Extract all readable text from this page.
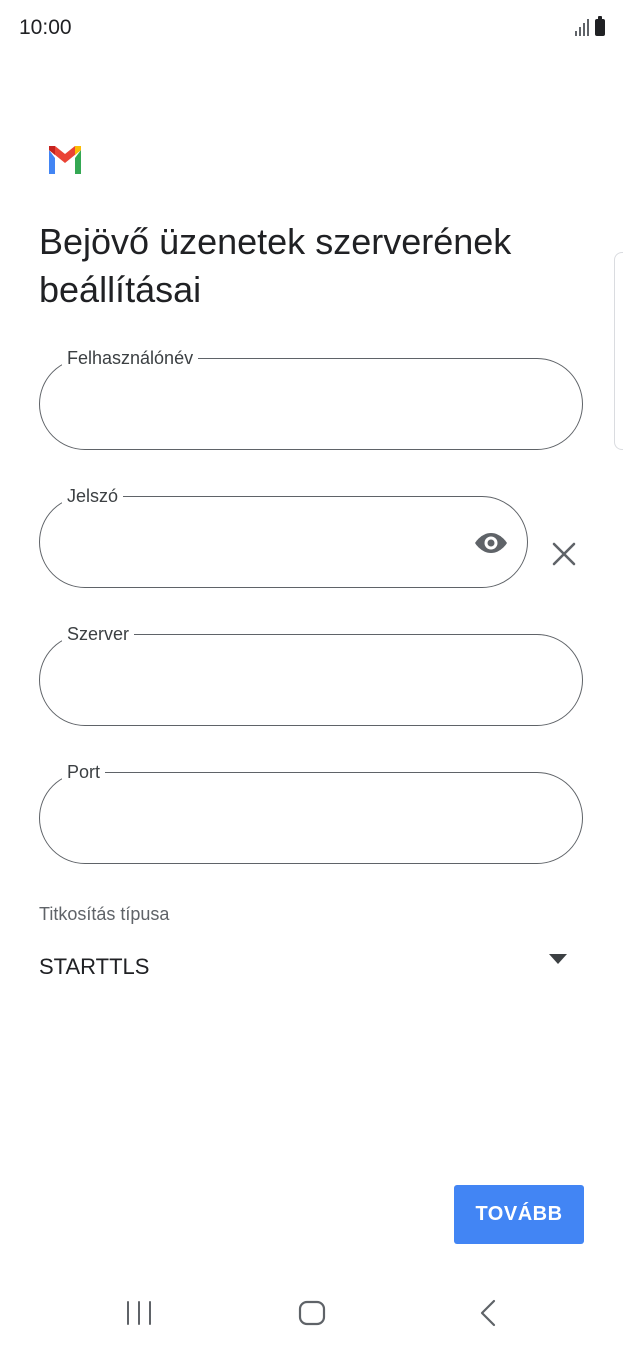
10:00
Bejövő üzenetek szerverének beállításai
Felhasználónév
Jelszó
Szerver
Port
Titkosítás típusa
STARTTLS
TOVÁBB
